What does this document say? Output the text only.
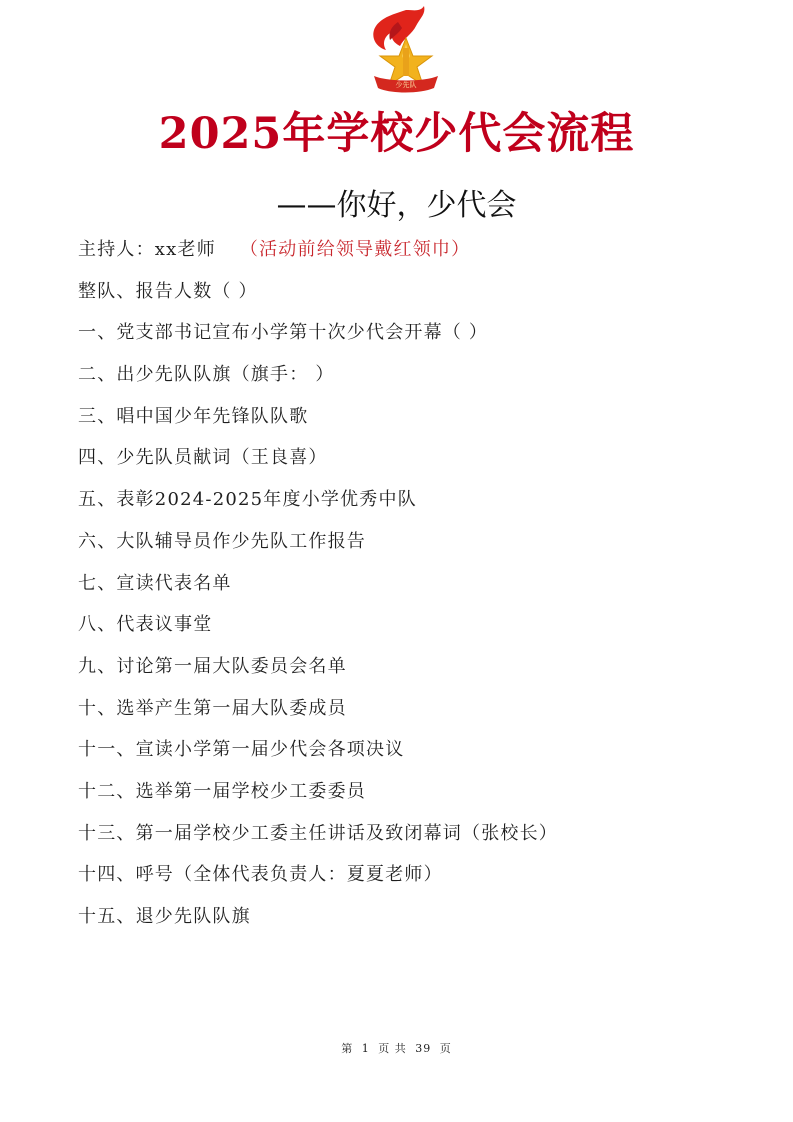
少先队
2025年学校少代会流程
——你好，少代会
主持人：xx老师 （活动前给领导戴红领巾）
整队、报告人数（ ）
一、党支部书记宣布小学第十次少代会开幕（ ）
二、出少先队队旗（旗手： ）
三、唱中国少年先锋队队歌
四、少先队员献词（王良喜）
五、表彰2024-2025年度小学优秀中队
六、大队辅导员作少先队工作报告
七、宣读代表名单
八、代表议事堂
九、讨论第一届大队委员会名单
十、选举产生第一届大队委成员
十一、宣读小学第一届少代会各项决议
十二、选举第一届学校少工委委员
十三、第一届学校少工委主任讲话及致闭幕词（张校长）
十四、呼号（全体代表负责人：夏夏老师）
十五、退少先队队旗
第 1 页 共 39 页
